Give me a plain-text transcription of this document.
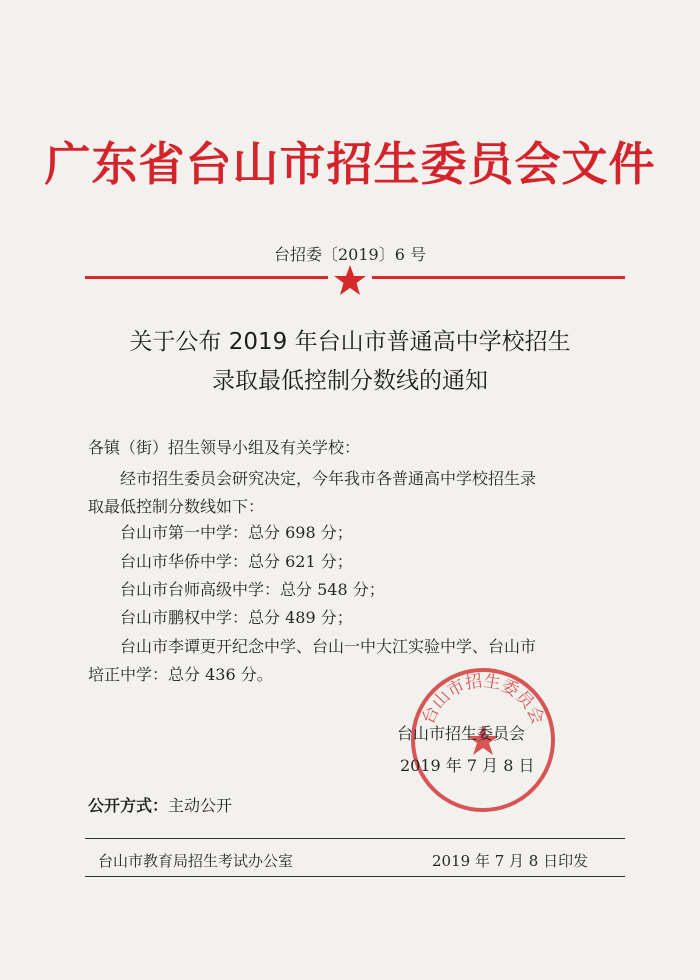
广东省台山市招生委员会文件
台招委〔2019〕6 号
关于公布 2019 年台山市普通高中学校招生
录取最低控制分数线的通知
各镇（街）招生领导小组及有关学校：
经市招生委员会研究决定，今年我市各普通高中学校招生录
取最低控制分数线如下：
台山市第一中学：总分 698 分；
台山市华侨中学：总分 621 分；
台山市台师高级中学：总分 548 分；
台山市鹏权中学：总分 489 分；
台山市李谭更开纪念中学、台山一中大江实验中学、台山市
培正中学：总分 436 分。
台山市招生委员会
台山市招生委员会
2019 年 7 月 8 日
公开方式：主动公开
台山市教育局招生考试办公室	2019 年 7 月 8 日印发
